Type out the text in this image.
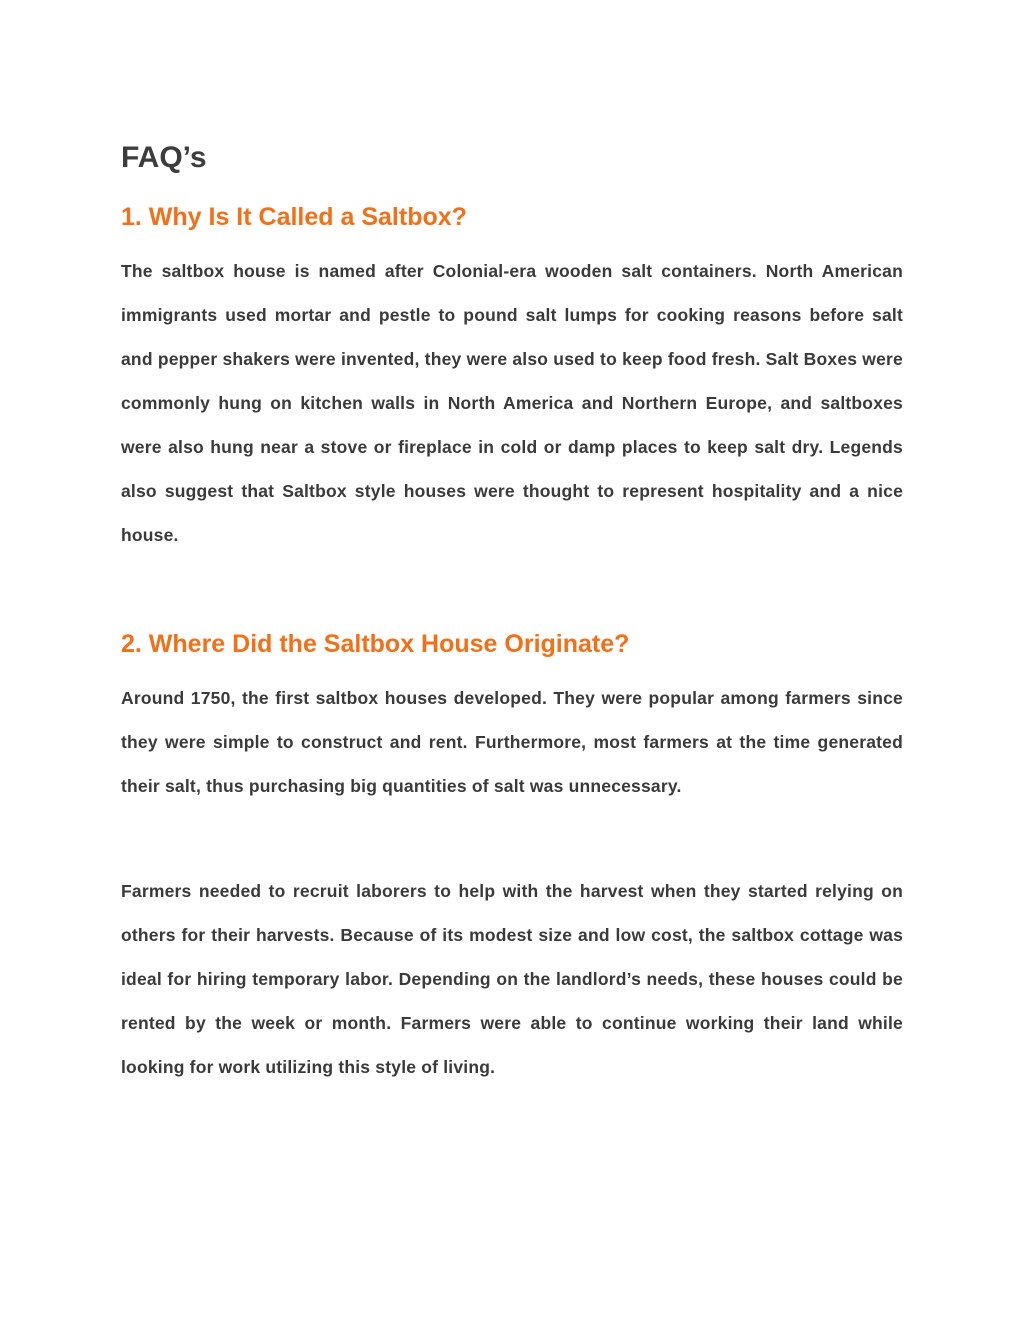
FAQ’s
1. Why Is It Called a Saltbox?

The saltbox house is named after Colonial-era wooden salt containers. North American immigrants used mortar and pestle to pound salt lumps for cooking reasons before salt and pepper shakers were invented, they were also used to keep food fresh. Salt Boxes were commonly hung on kitchen walls in North America and Northern Europe, and saltboxes were also hung near a stove or fireplace in cold or damp places to keep salt dry. Legends also suggest that Saltbox style houses were thought to represent hospitality and a nice house.

2. Where Did the Saltbox House Originate?

Around 1750, the first saltbox houses developed. They were popular among farmers since they were simple to construct and rent. Furthermore, most farmers at the time generated their salt, thus purchasing big quantities of salt was unnecessary.

Farmers needed to recruit laborers to help with the harvest when they started relying on others for their harvests. Because of its modest size and low cost, the saltbox cottage was ideal for hiring temporary labor. Depending on the landlord’s needs, these houses could be rented by the week or month. Farmers were able to continue working their land while looking for work utilizing this style of living.
